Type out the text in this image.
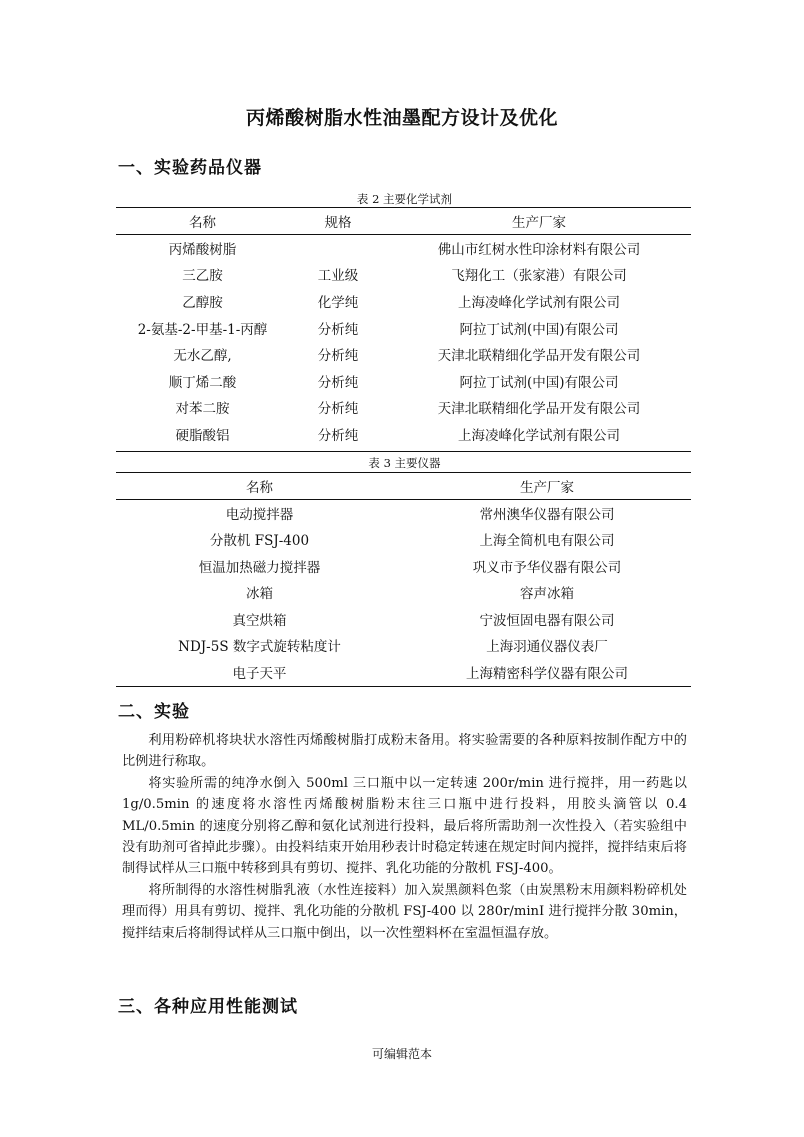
丙烯酸树脂水性油墨配方设计及优化
一、实验药品仪器
表 2 主要化学试剂
名称	规格	生产厂家
丙烯酸树脂		佛山市红树水性印涂材料有限公司
三乙胺	工业级	飞翔化工（张家港）有限公司
乙醇胺	化学纯	上海凌峰化学试剂有限公司
2-氨基-2-甲基-1-丙醇	分析纯	阿拉丁试剂(中国)有限公司
无水乙醇,	分析纯	天津北联精细化学品开发有限公司
顺丁烯二酸	分析纯	阿拉丁试剂(中国)有限公司
对苯二胺	分析纯	天津北联精细化学品开发有限公司
硬脂酸铝	分析纯	上海凌峰化学试剂有限公司
表 3 主要仪器
名称	生产厂家
电动搅拌器	常州澳华仪器有限公司
分散机 FSJ-400	上海全简机电有限公司
恒温加热磁力搅拌器	巩义市予华仪器有限公司
冰箱	容声冰箱
真空烘箱	宁波恒固电器有限公司
NDJ-5S 数字式旋转粘度计	上海羽通仪器仪表厂
电子天平	上海精密科学仪器有限公司
二、实验

利用粉碎机将块状水溶性丙烯酸树脂打成粉末备用。将实验需要的各种原料按制作配方中的比例进行称取。

将实验所需的纯净水倒入 500ml 三口瓶中以一定转速 200r/min 进行搅拌，用一药匙以 1g/0.5min 的速度将水溶性丙烯酸树脂粉末往三口瓶中进行投料，用胶头滴管以 0.4 ML/0.5min 的速度分别将乙醇和氨化试剂进行投料，最后将所需助剂一次性投入（若实验组中没有助剂可省掉此步骤）。由投料结束开始用秒表计时稳定转速在规定时间内搅拌，搅拌结束后将制得试样从三口瓶中转移到具有剪切、搅拌、乳化功能的分散机 FSJ-400。

将所制得的水溶性树脂乳液（水性连接料）加入炭黑颜料色浆（由炭黑粉末用颜料粉碎机处理而得）用具有剪切、搅拌、乳化功能的分散机 FSJ-400 以 280r/minI 进行搅拌分散 30min，搅拌结束后将制得试样从三口瓶中倒出，以一次性塑料杯在室温恒温存放。

三、各种应用性能测试
可编辑范本
